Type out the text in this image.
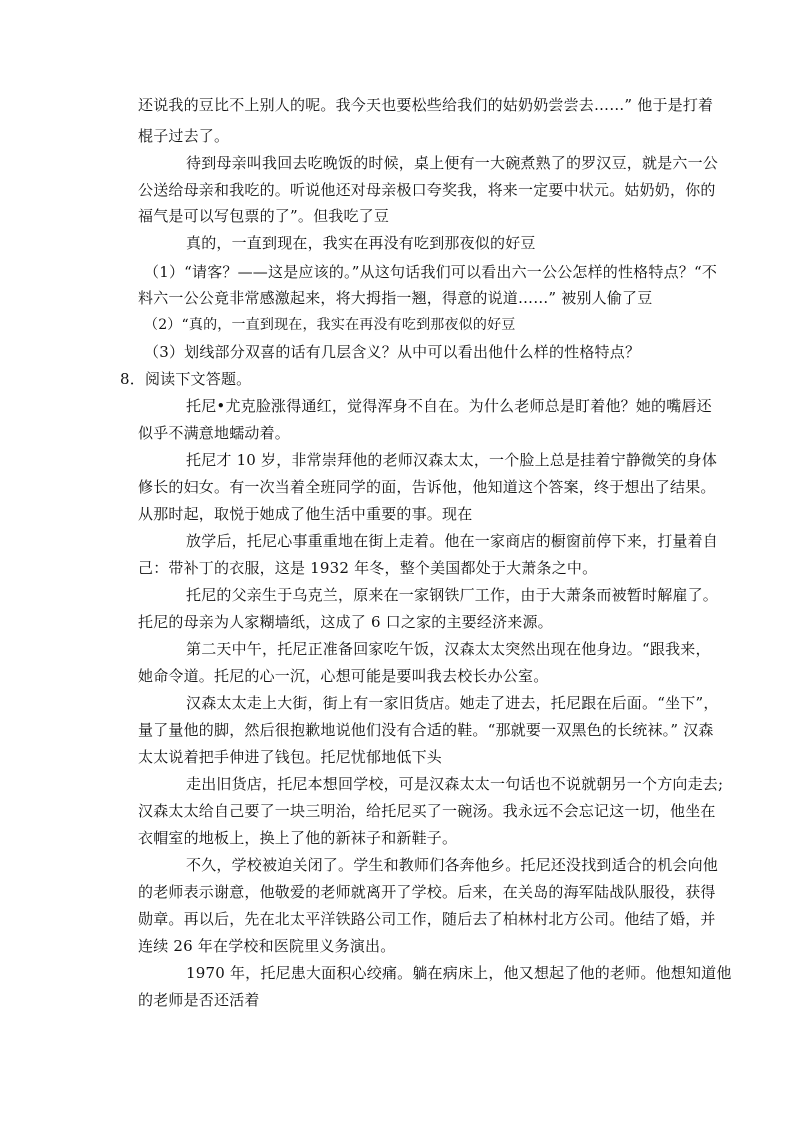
还说我的豆比不上别人的呢。我今天也要松些给我们的姑奶奶尝尝去……” 他于是打着
棍子过去了。
待到母亲叫我回去吃晚饭的时候，桌上便有一大碗煮熟了的罗汉豆，就是六一公
公送给母亲和我吃的。听说他还对母亲极口夸奖我，将来一定要中状元。姑奶奶，你的
福气是可以写包票的了”。但我吃了豆
真的，一直到现在，我实在再没有吃到那夜似的好豆
（1）“请客？——这是应该的。”从这句话我们可以看出六一公公怎样的性格特点？“不
料六一公公竟非常感激起来，将大拇指一翘，得意的说道……” 被别人偷了豆
（2）“真的，一直到现在，我实在再没有吃到那夜似的好豆
（3）划线部分双喜的话有几层含义？从中可以看出他什么样的性格特点？
8．阅读下文答题。
托尼•尤克脸涨得通红，觉得浑身不自在。为什么老师总是盯着他？她的嘴唇还
似乎不满意地蠕动着。
托尼才 10 岁，非常崇拜他的老师汉森太太，一个脸上总是挂着宁静微笑的身体
修长的妇女。有一次当着全班同学的面，告诉他，他知道这个答案，终于想出了结果。
从那时起，取悦于她成了他生活中重要的事。现在
放学后，托尼心事重重地在街上走着。他在一家商店的橱窗前停下来，打量着自
己：带补丁的衣服，这是 1932 年冬，整个美国都处于大萧条之中。
托尼的父亲生于乌克兰，原来在一家钢铁厂工作，由于大萧条而被暂时解雇了。
托尼的母亲为人家糊墙纸，这成了 6 口之家的主要经济来源。
第二天中午，托尼正准备回家吃午饭，汉森太太突然出现在他身边。“跟我来，
她命令道。托尼的心一沉，心想可能是要叫我去校长办公室。
汉森太太走上大街，街上有一家旧货店。她走了进去，托尼跟在后面。“坐下”，
量了量他的脚，然后很抱歉地说他们没有合适的鞋。“那就要一双黑色的长统袜。” 汉森
太太说着把手伸进了钱包。托尼忧郁地低下头
走出旧货店，托尼本想回学校，可是汉森太太一句话也不说就朝另一个方向走去;
汉森太太给自己要了一块三明治，给托尼买了一碗汤。我永远不会忘记这一切，他坐在
衣帽室的地板上，换上了他的新袜子和新鞋子。
不久，学校被迫关闭了。学生和教师们各奔他乡。托尼还没找到适合的机会向他
的老师表示谢意，他敬爱的老师就离开了学校。后来，在关岛的海军陆战队服役，获得
勋章。再以后，先在北太平洋铁路公司工作，随后去了柏林村北方公司。他结了婚，并
连续 26 年在学校和医院里义务演出。
1970 年，托尼患大面积心绞痛。躺在病床上，他又想起了他的老师。他想知道他
的老师是否还活着
